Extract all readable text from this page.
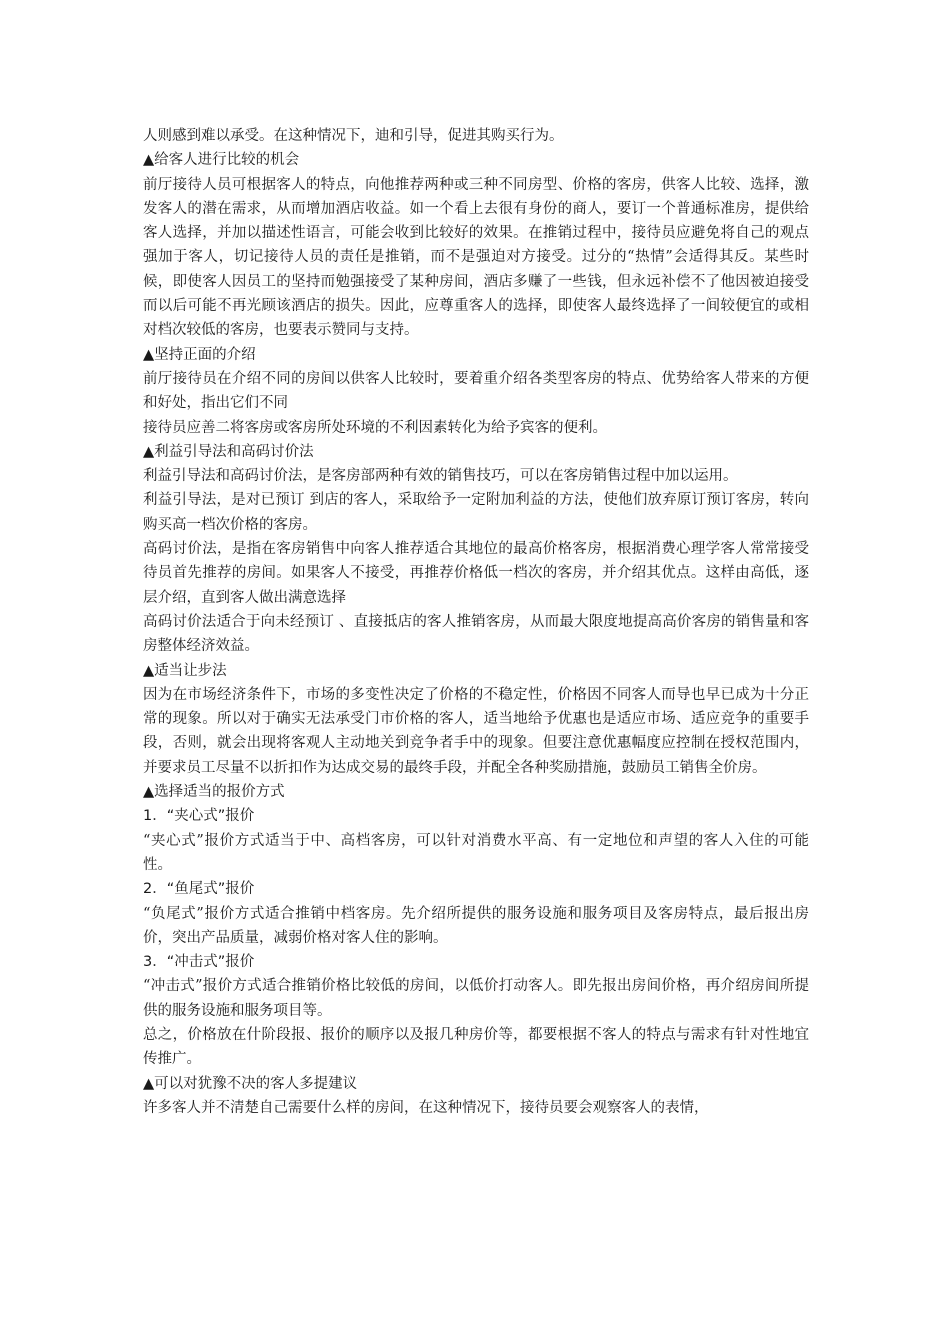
人则感到难以承受。在这种情况下，迪和引导，促进其购买行为。

▲给客人进行比较的机会

前厅接待人员可根据客人的特点，向他推荐两种或三种不同房型、价格的客房，供客人比较、选择，激发客人的潜在需求，从而增加酒店收益。如一个看上去很有身份的商人，要订一个普通标准房，提供给客人选择，并加以描述性语言，可能会收到比较好的效果。在推销过程中，接待员应避免将自己的观点强加于客人，切记接待人员的责任是推销，而不是强迫对方接受。过分的“热情”会适得其反。某些时候，即使客人因员工的坚持而勉强接受了某种房间，酒店多赚了一些钱，但永远补偿不了他因被迫接受而以后可能不再光顾该酒店的损失。因此，应尊重客人的选择，即使客人最终选择了一间较便宜的或相对档次较低的客房，也要表示赞同与支持。

▲坚持正面的介绍

前厅接待员在介绍不同的房间以供客人比较时，要着重介绍各类型客房的特点、优势给客人带来的方便和好处，指出它们不同

接待员应善二将客房或客房所处环境的不利因素转化为给予宾客的便利。

▲利益引导法和高码讨价法

利益引导法和高码讨价法，是客房部两种有效的销售技巧，可以在客房销售过程中加以运用。

利益引导法，是对已预订 到店的客人，采取给予一定附加利益的方法，使他们放弃原订预订客房，转向购买高一档次价格的客房。

高码讨价法，是指在客房销售中向客人推荐适合其地位的最高价格客房，根据消费心理学客人常常接受待员首先推荐的房间。如果客人不接受，再推荐价格低一档次的客房，并介绍其优点。这样由高低，逐层介绍，直到客人做出满意选择

高码讨价法适合于向未经预订 、直接抵店的客人推销客房，从而最大限度地提高高价客房的销售量和客房整体经济效益。

▲适当让步法

因为在市场经济条件下，市场的多变性决定了价格的不稳定性，价格因不同客人而导也早已成为十分正常的现象。所以对于确实无法承受门市价格的客人，适当地给予优惠也是适应市场、适应竞争的重要手段，否则，就会出现将客观人主动地关到竞争者手中的现象。但要注意优惠幅度应控制在授权范围内，并要求员工尽量不以折扣作为达成交易的最终手段，并配全各种奖励措施，鼓励员工销售全价房。

▲选择适当的报价方式

1．“夹心式”报价

“夹心式”报价方式适当于中、高档客房，可以针对消费水平高、有一定地位和声望的客人入住的可能性。

2．“鱼尾式”报价

“负尾式”报价方式适合推销中档客房。先介绍所提供的服务设施和服务项目及客房特点，最后报出房价，突出产品质量，减弱价格对客人住的影响。

3．“冲击式”报价

“冲击式”报价方式适合推销价格比较低的房间，以低价打动客人。即先报出房间价格，再介绍房间所提供的服务设施和服务项目等。

总之，价格放在什阶段报、报价的顺序以及报几种房价等，都要根据不客人的特点与需求有针对性地宜传推广。

▲可以对犹豫不决的客人多提建议

许多客人并不清楚自己需要什么样的房间，在这种情况下，接待员要会观察客人的表情，
